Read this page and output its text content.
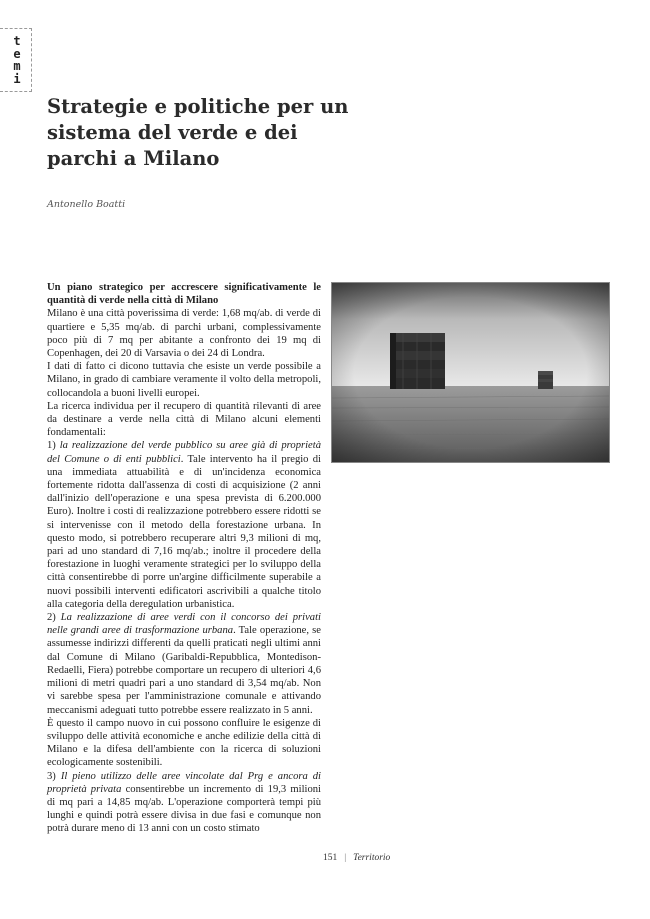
temi
Strategie e politiche per un sistema del verde e dei parchi a Milano
Antonello Boatti

Un piano strategico per accrescere significativamente le quantità di verde nella città di Milano

Milano è una città poverissima di verde: 1,68 mq/ab. di verde di quartiere e 5,35 mq/ab. di parchi urbani, complessivamente poco più di 7 mq per abitante a confronto dei 19 mq di Copenhagen, dei 20 di Varsavia o dei 24 di Londra.

I dati di fatto ci dicono tuttavia che esiste un verde possibile a Milano, in grado di cambiare veramente il volto della metropoli, collocandola a buoni livelli europei.

La ricerca individua per il recupero di quantità rilevanti di aree da destinare a verde nella città di Milano alcuni elementi fondamentali:

1) la realizzazione del verde pubblico su aree già di proprietà del Comune o di enti pubblici. Tale intervento ha il pregio di una immediata attuabilità e di un'incidenza economica fortemente ridotta dall'assenza di costi di acquisizione (2 anni dall'inizio dell'operazione e una spesa prevista di 6.200.000 Euro). Inoltre i costi di realizzazione potrebbero essere ridotti se si intervenisse con il metodo della forestazione urbana. In questo modo, si potrebbero recuperare altri 9,3 milioni di mq, pari ad uno standard di 7,16 mq/ab.; inoltre il procedere della forestazione in luoghi veramente strategici per lo sviluppo della città consentirebbe di porre un'argine difficilmente superabile a nuovi possibili interventi edificatori ascrivibili a qualche titolo alla categoria della deregulation urbanistica.

2) La realizzazione di aree verdi con il concorso dei privati nelle grandi aree di trasformazione urbana. Tale operazione, se assumesse indirizzi differenti da quelli praticati negli ultimi anni dal Comune di Milano (Garibaldi-Repubblica, Montedison-Redaelli, Fiera) potrebbe comportare un recupero di ulteriori 4,6 milioni di metri quadri pari a uno standard di 3,54 mq/ab. Non vi sarebbe spesa per l'amministrazione comunale e attivando meccanismi adeguati tutto potrebbe essere realizzato in 5 anni.

È questo il campo nuovo in cui possono confluire le esigenze di sviluppo delle attività economiche e anche edilizie della città di Milano e la difesa dell'ambiente con la ricerca di soluzioni ecologicamente sostenibili.

3) Il pieno utilizzo delle aree vincolate dal Prg e ancora di proprietà privata consentirebbe un incremento di 19,3 milioni di mq pari a 14,85 mq/ab. L'operazione comporterà tempi più lunghi e quindi potrà essere divisa in due fasi e comunque non potrà durare meno di 13 anni con un costo stimato

151 | Territorio
